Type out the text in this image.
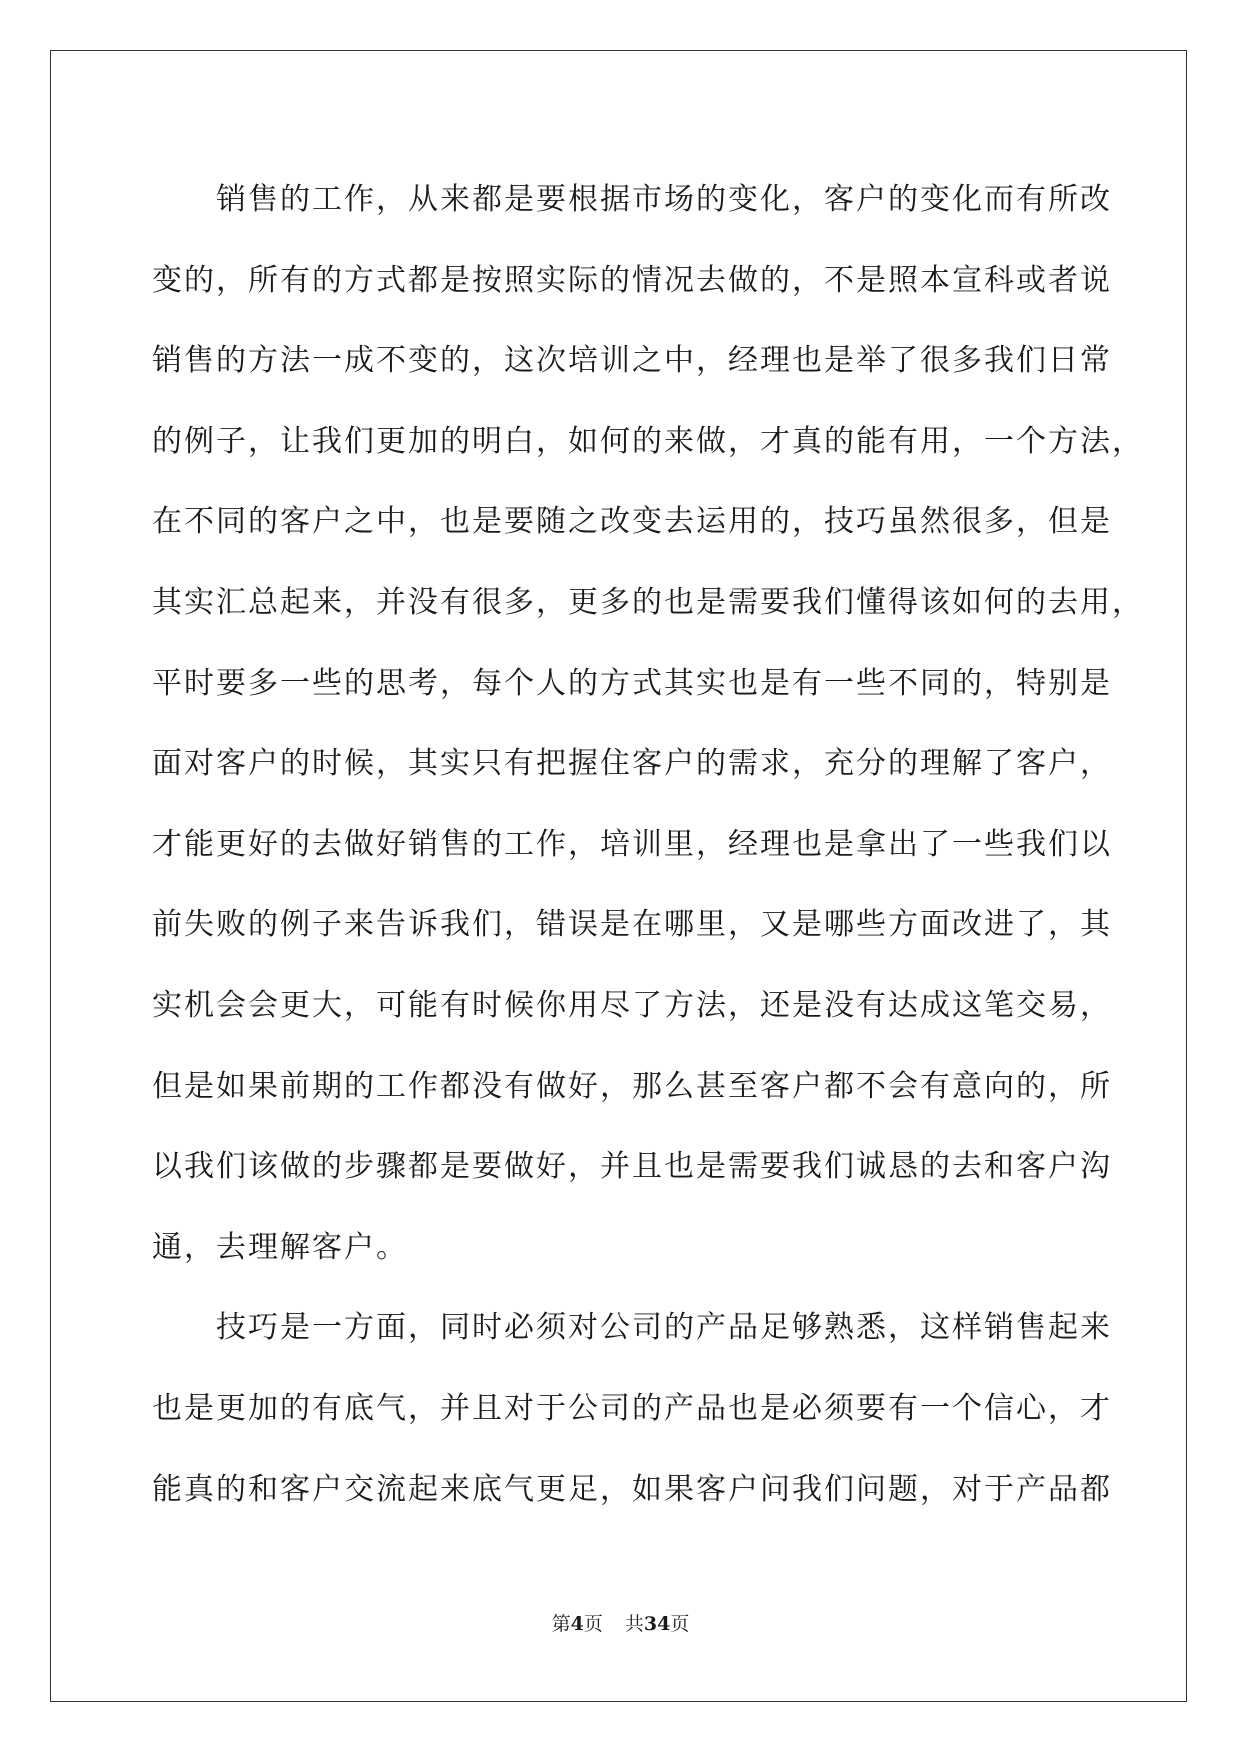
销售的工作，从来都是要根据市场的变化，客户的变化而有所改
变的，所有的方式都是按照实际的情况去做的，不是照本宣科或者说
销售的方法一成不变的，这次培训之中，经理也是举了很多我们日常
的例子，让我们更加的明白，如何的来做，才真的能有用，一个方法，
在不同的客户之中，也是要随之改变去运用的，技巧虽然很多，但是
其实汇总起来，并没有很多，更多的也是需要我们懂得该如何的去用，
平时要多一些的思考，每个人的方式其实也是有一些不同的，特别是
面对客户的时候，其实只有把握住客户的需求，充分的理解了客户，
才能更好的去做好销售的工作，培训里，经理也是拿出了一些我们以
前失败的例子来告诉我们，错误是在哪里，又是哪些方面改进了，其
实机会会更大，可能有时候你用尽了方法，还是没有达成这笔交易，
但是如果前期的工作都没有做好，那么甚至客户都不会有意向的，所
以我们该做的步骤都是要做好，并且也是需要我们诚恳的去和客户沟
通，去理解客户。
技巧是一方面，同时必须对公司的产品足够熟悉，这样销售起来
也是更加的有底气，并且对于公司的产品也是必须要有一个信心，才
能真的和客户交流起来底气更足，如果客户问我们问题，对于产品都
第4页 共34页
